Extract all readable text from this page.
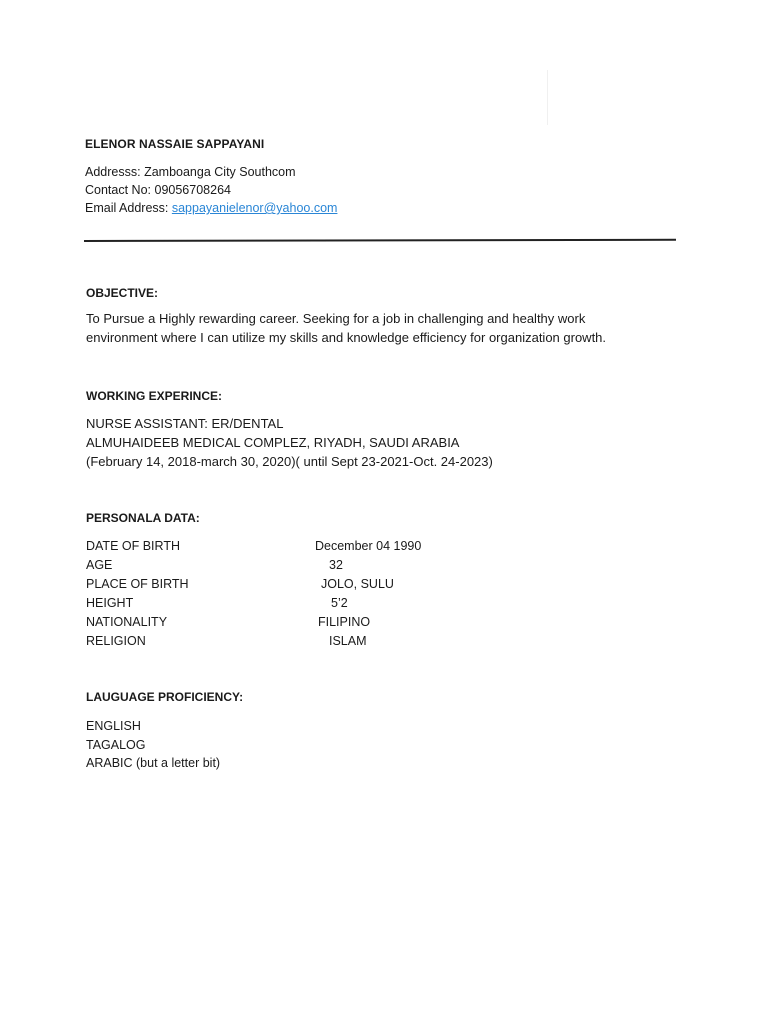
ELENOR NASSAIE SAPPAYANI
Addresss: Zamboanga City Southcom
Contact No: 09056708264
Email Address: sappayanielenor@yahoo.com
OBJECTIVE:
To Pursue a Highly rewarding career. Seeking for a job in challenging and healthy work
environment where I can utilize my skills and knowledge efficiency for organization growth.
WORKING EXPERINCE:
NURSE ASSISTANT: ER/DENTAL
ALMUHAIDEEB MEDICAL COMPLEZ, RIYADH, SAUDI ARABIA
(February 14, 2018-march 30, 2020)( until Sept 23-2021-Oct. 24-2023)
PERSONALA DATA:
DATE OF BIRTH	December 04 1990
AGE	32
PLACE OF BIRTH	JOLO, SULU
HEIGHT	5’2
NATIONALITY	FILIPINO
RELIGION	ISLAM
LAUGUAGE PROFICIENCY:
ENGLISH
TAGALOG
ARABIC (but a letter bit)
